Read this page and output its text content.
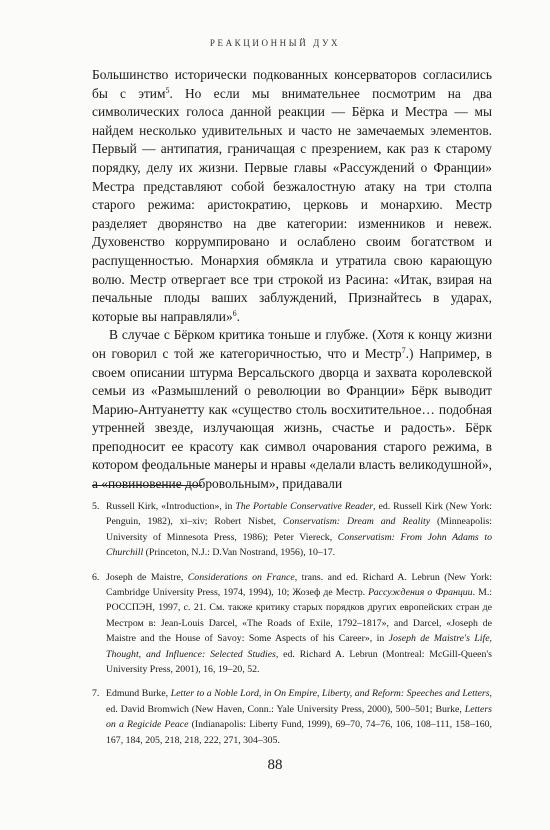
РЕАКЦИОННЫЙ ДУХ

Большинство исторически подкованных консерваторов согласились бы с этим$^5$. Но если мы внимательнее посмотрим на два символических голоса данной реакции — Бёрка и Местра — мы найдем несколько удивительных и часто не замечаемых элементов. Первый — антипатия, граничащая с презрением, как раз к старому порядку, делу их жизни. Первые главы «Рассуждений о Франции» Местра представляют собой безжалостную атаку на три столпа старого режима: аристократию, церковь и монархию. Местр разделяет дворянство на две категории: изменников и невеж. Духовенство коррумпировано и ослаблено своим богатством и распущенностью. Монархия обмякла и утратила свою карающую волю. Местр отвергает все три строкой из Расина: «Итак, взирая на печальные плоды ваших заблуждений, Признайтесь в ударах, которые вы направляли»$^6$.

В случае с Бёрком критика тоньше и глубже. (Хотя к концу жизни он говорил с той же категоричностью, что и Местр$^7$.) Например, в своем описании штурма Версальского дворца и захвата королевской семьи из «Размышлений о революции во Франции» Бёрк выводит Марию-Антуанетту как «существо столь восхитительное… подобная утренней звезде, излучающая жизнь, счастье и радость». Бёрк преподносит ее красоту как символ очарования старого режима, в котором феодальные манеры и нравы «делали власть великодушной», а «повиновение добровольным», придавали

5. Russell Kirk, «Introduction», in The Portable Conservative Reader, ed. Russell Kirk (New York: Penguin, 1982), xi–xiv; Robert Nisbet, Conservatism: Dream and Reality (Minneapolis: University of Minnesota Press, 1986); Peter Viereck, Conservatism: From John Adams to Churchill (Princeton, N.J.: D.Van Nostrand, 1956), 10–17.
6. Joseph de Maistre, Considerations on France, trans. and ed. Richard A. Lebrun (New York: Cambridge University Press, 1974, 1994), 10; Жозеф де Местр. Рассуждения о Франции. М.: РОССПЭН, 1997, с. 21. См. также критику старых порядков других европейских стран де Местром в: Jean-Louis Darcel, «The Roads of Exile, 1792–1817», and Darcel, «Joseph de Maistre and the House of Savoy: Some Aspects of his Career», in Joseph de Maistre's Life, Thought, and Influence: Selected Studies, ed. Richard A. Lebrun (Montreal: McGill-Queen's University Press, 2001), 16, 19–20, 52.
7. Edmund Burke, Letter to a Noble Lord, in On Empire, Liberty, and Reform: Speeches and Letters, ed. David Bromwich (New Haven, Conn.: Yale University Press, 2000), 500–501; Burke, Letters on a Regicide Peace (Indianapolis: Liberty Fund, 1999), 69–70, 74–76, 106, 108–111, 158–160, 167, 184, 205, 218, 218, 222, 271, 304–305.
88
